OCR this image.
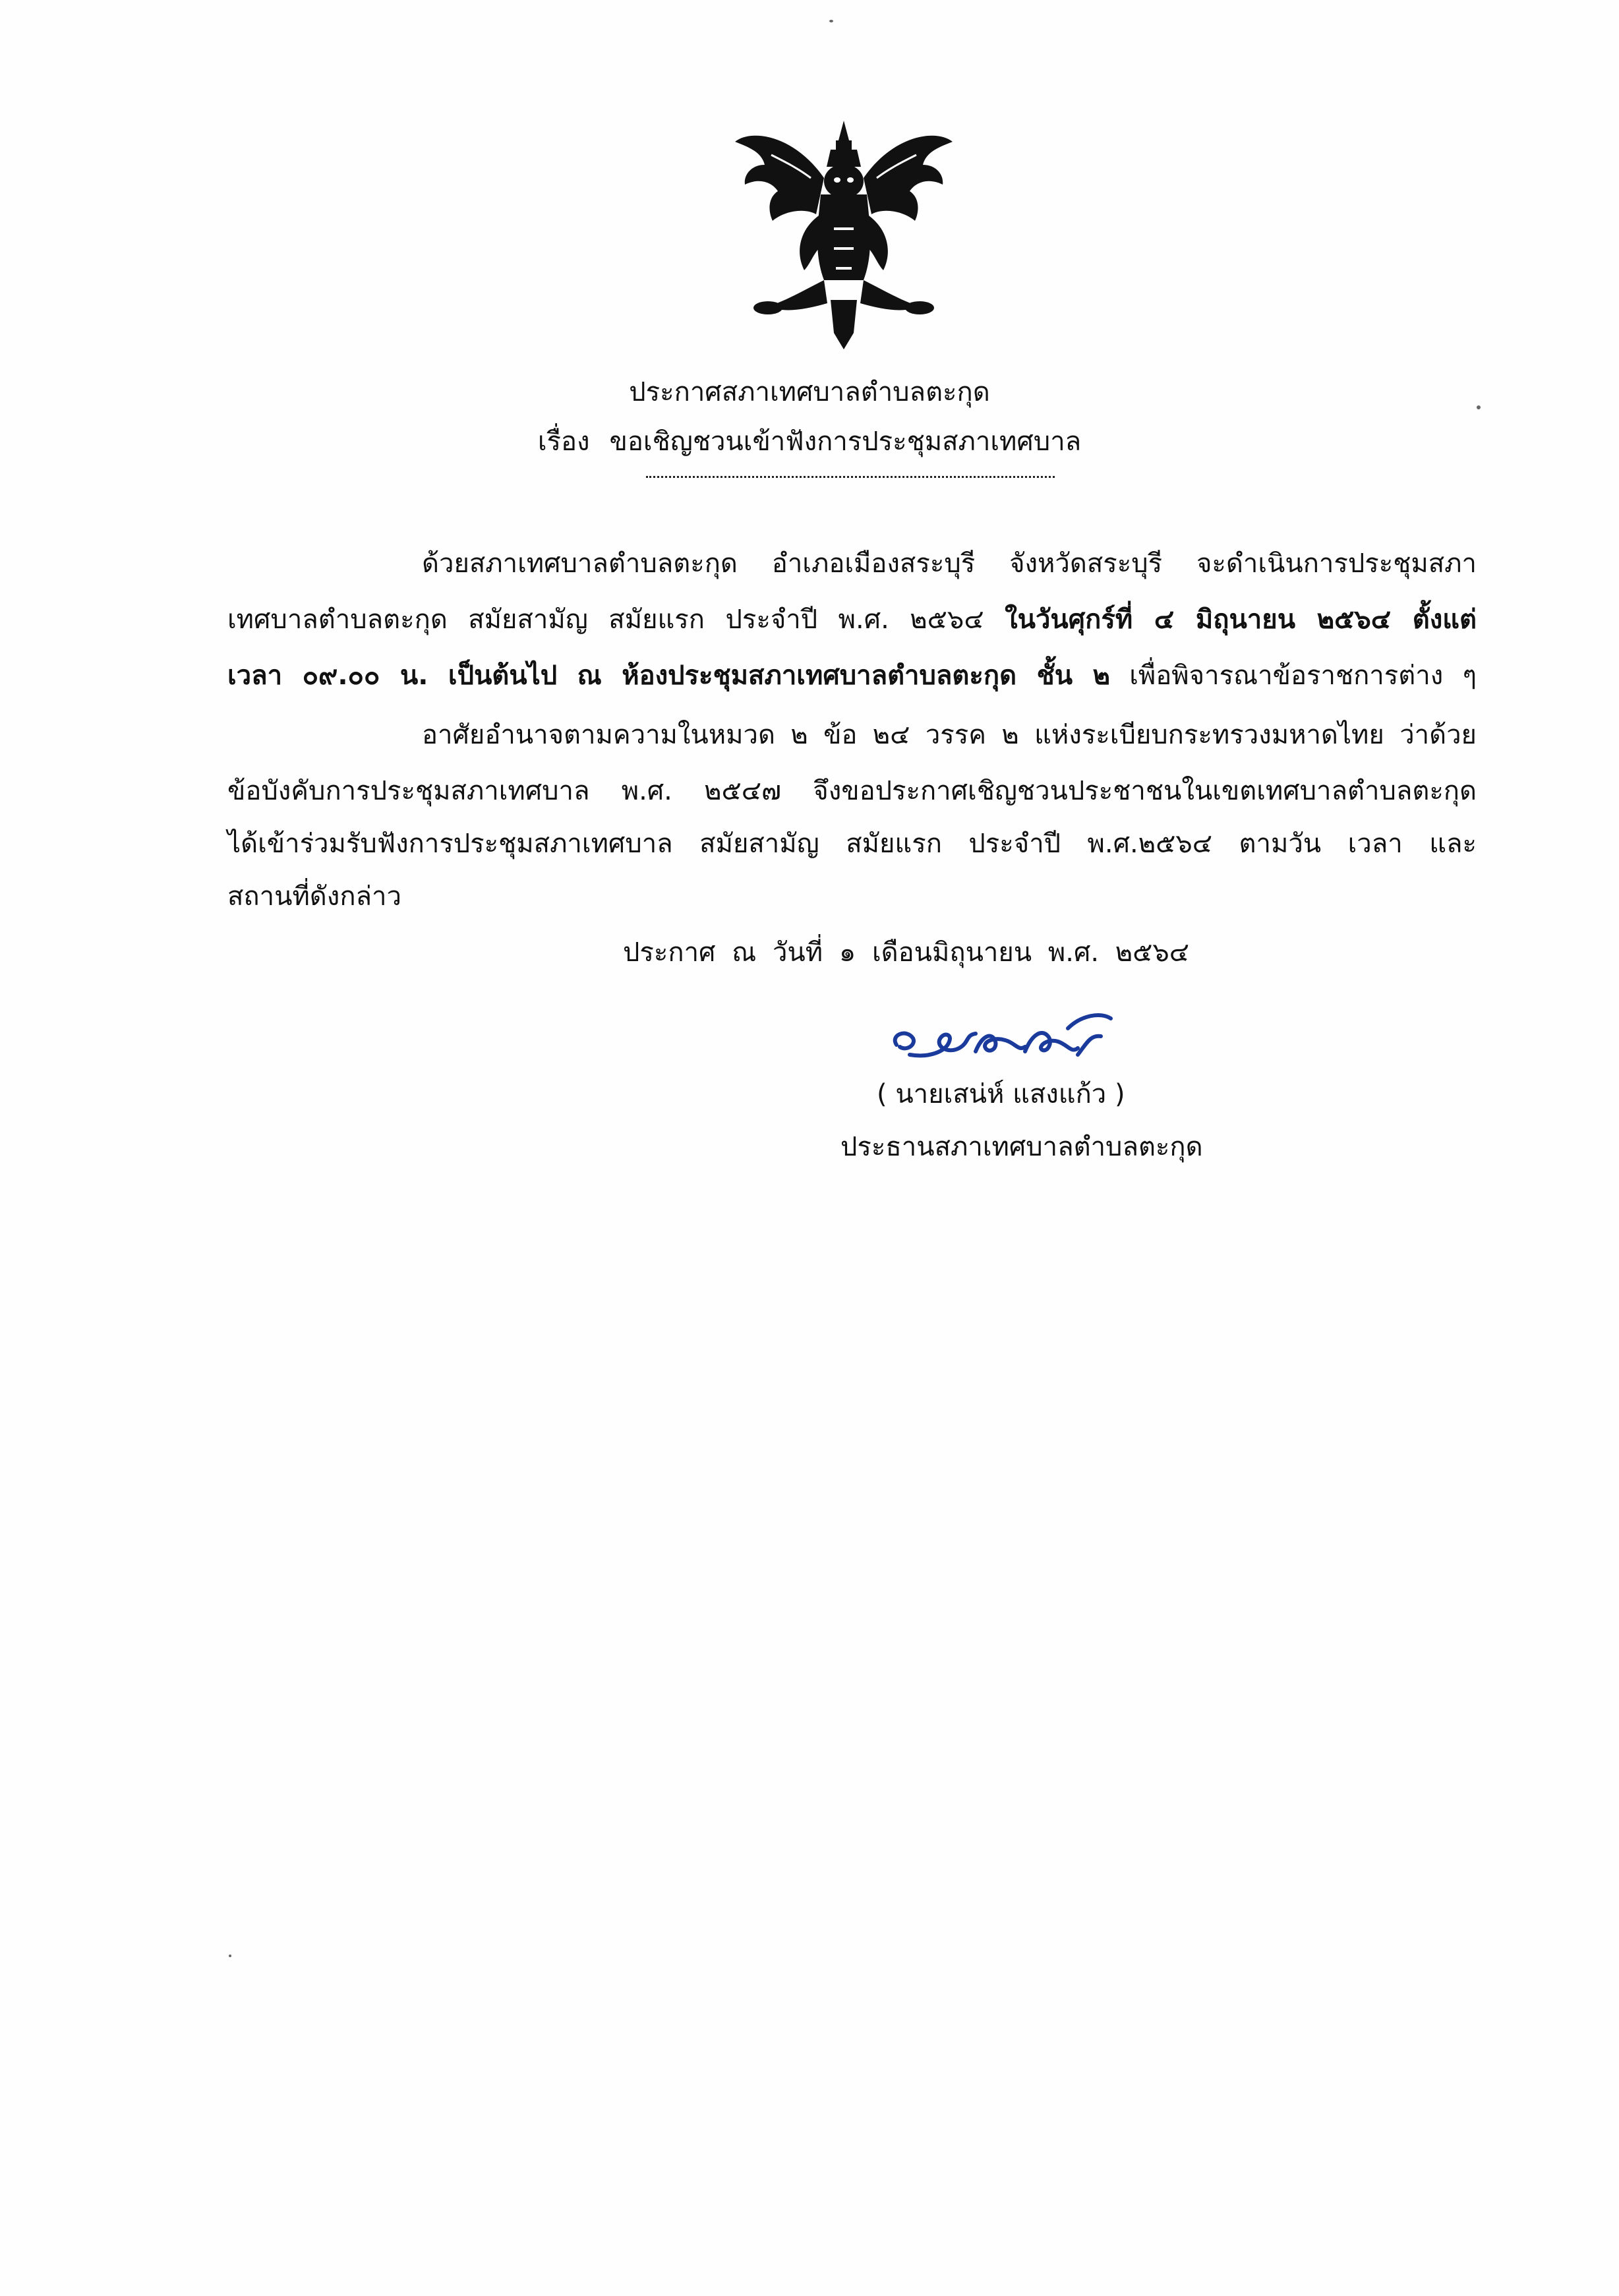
ประกาศสภาเทศบาลตำบลตะกุด
เรื่อง ขอเชิญชวนเข้าฟังการประชุมสภาเทศบาล
ด้วยสภาเทศบาลตำบลตะกุด อำเภอเมืองสระบุรี จังหวัดสระบุรี จะดำเนินการประชุมสภา
เทศบาลตำบลตะกุด สมัยสามัญ สมัยแรก ประจำปี พ.ศ. ๒๕๖๔ ในวันศุกร์ที่ ๔ มิถุนายน ๒๕๖๔ ตั้งแต่
เวลา ๐๙.๐๐ น. เป็นต้นไป ณ ห้องประชุมสภาเทศบาลตำบลตะกุด ชั้น ๒ เพื่อพิจารณาข้อราชการต่าง ๆ
อาศัยอำนาจตามความในหมวด ๒ ข้อ ๒๔ วรรค ๒ แห่งระเบียบกระทรวงมหาดไทย ว่าด้วย
ข้อบังคับการประชุมสภาเทศบาล พ.ศ. ๒๕๔๗ จึงขอประกาศเชิญชวนประชาชนในเขตเทศบาลตำบลตะกุด
ได้เข้าร่วมรับฟังการประชุมสภาเทศบาล สมัยสามัญ สมัยแรก ประจำปี พ.ศ.๒๕๖๔ ตามวัน เวลา และ
สถานที่ดังกล่าว
ประกาศ ณ วันที่ ๑ เดือนมิถุนายน พ.ศ. ๒๕๖๔
( นายเสน่ห์ แสงแก้ว )
ประธานสภาเทศบาลตำบลตะกุด
